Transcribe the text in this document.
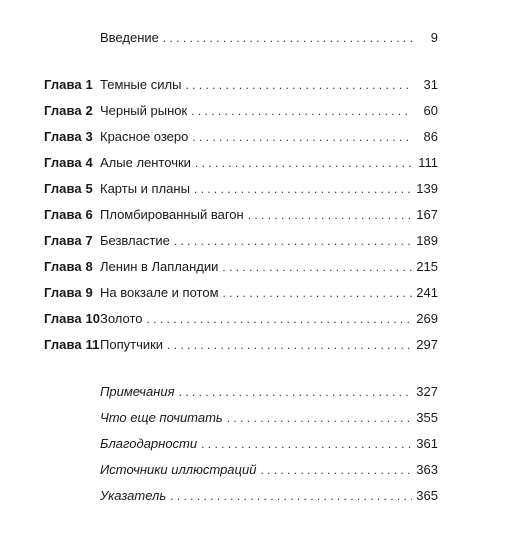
Введение . . .	9
Глава 1 Темные силы . . .	31
Глава 2 Черный рынок . . .	60
Глава 3 Красное озеро . . .	86
Глава 4 Алые ленточки . . .	111
Глава 5 Карты и планы . . .	139
Глава 6 Пломбированный вагон . . .	167
Глава 7 Безвластие . . .	189
Глава 8 Ленин в Лапландии . . .	215
Глава 9 На вокзале и потом . . .	241
Глава 10 Золото . . .	269
Глава 11 Попутчики . . .	297
Примечания . . .	327
Что еще почитать . . .	355
Благодарности . . .	361
Источники иллюстраций . . .	363
Указатель . . .	365
